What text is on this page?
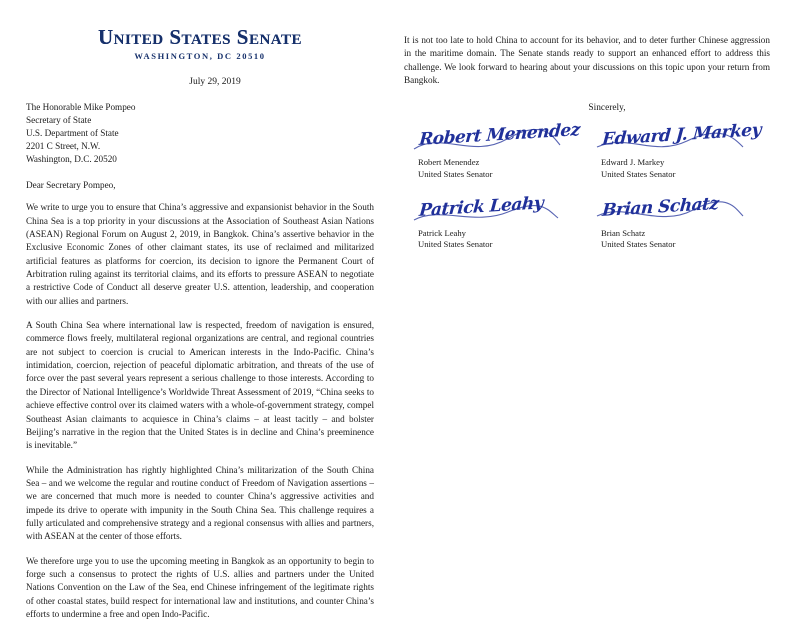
United States Senate
WASHINGTON, DC 20510
July 29, 2019
The Honorable Mike Pompeo
Secretary of State
U.S. Department of State
2201 C Street, N.W.
Washington, D.C. 20520
Dear Secretary Pompeo,

We write to urge you to ensure that China’s aggressive and expansionist behavior in the South China Sea is a top priority in your discussions at the Association of Southeast Asian Nations (ASEAN) Regional Forum on August 2, 2019, in Bangkok. China’s assertive behavior in the Exclusive Economic Zones of other claimant states, its use of reclaimed and militarized artificial features as platforms for coercion, its decision to ignore the Permanent Court of Arbitration ruling against its territorial claims, and its efforts to pressure ASEAN to negotiate a restrictive Code of Conduct all deserve greater U.S. attention, leadership, and cooperation with our allies and partners.

A South China Sea where international law is respected, freedom of navigation is ensured, commerce flows freely, multilateral regional organizations are central, and regional countries are not subject to coercion is crucial to American interests in the Indo-Pacific. China’s intimidation, coercion, rejection of peaceful diplomatic arbitration, and threats of the use of force over the past several years represent a serious challenge to those interests. According to the Director of National Intelligence’s Worldwide Threat Assessment of 2019, “China seeks to achieve effective control over its claimed waters with a whole-of-government strategy, compel Southeast Asian claimants to acquiesce in China’s claims – at least tacitly – and bolster Beijing’s narrative in the region that the United States is in decline and China’s preeminence is inevitable.”

While the Administration has rightly highlighted China’s militarization of the South China Sea – and we welcome the regular and routine conduct of Freedom of Navigation assertions – we are concerned that much more is needed to counter China’s aggressive activities and impede its drive to operate with impunity in the South China Sea. This challenge requires a fully articulated and comprehensive strategy and a regional consensus with allies and partners, with ASEAN at the center of those efforts.

We therefore urge you to use the upcoming meeting in Bangkok as an opportunity to begin to forge such a consensus to protect the rights of U.S. allies and partners under the United Nations Convention on the Law of the Sea, end Chinese infringement of the legitimate rights of other coastal states, build respect for international law and institutions, and counter China’s efforts to undermine a free and open Indo-Pacific.

It is not too late to hold China to account for its behavior, and to deter further Chinese aggression in the maritime domain. The Senate stands ready to support an enhanced effort to address this challenge. We look forward to hearing about your discussions on this topic upon your return from Bangkok.

Sincerely,
Robert Menendez
Robert Menendez
United States Senator
Edward J. Markey
Edward J. Markey
United States Senator
Patrick Leahy
Patrick Leahy
United States Senator
Brian Schatz
Brian Schatz
United States Senator
